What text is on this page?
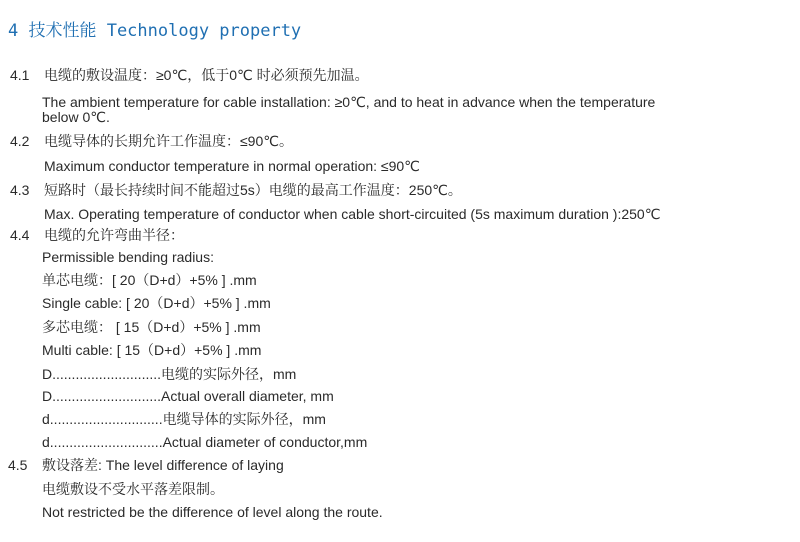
4 技术性能 Technology property
4.1	电缆的敷设温度：≥0℃，低于0℃ 时必须预先加温。
The ambient temperature for cable installation: ≥0℃, and to heat in advance when the temperature
below 0℃.
4.2	电缆导体的长期允许工作温度：≤90℃。
Maximum conductor temperature in normal operation: ≤90℃
4.3	短路时（最长持续时间不能超过5s）电缆的最高工作温度：250℃。
Max. Operating temperature of conductor when cable short-circuited (5s maximum duration ):250℃
4.4	电缆的允许弯曲半径：
Permissible bending radius:
单芯电缆：[ 20（D+d）+5% ] .mm
Single cable: [ 20（D+d）+5% ] .mm
多芯电缆： [ 15（D+d）+5% ] .mm
Multi cable: [ 15（D+d）+5% ] .mm
D............................电缆的实际外径，mm
D............................Actual overall diameter, mm
d.............................电缆导体的实际外径，mm
d.............................Actual diameter of conductor,mm
4.5	敷设落差: The level difference of laying
电缆敷设不受水平落差限制。
Not restricted be the difference of level along the route.
